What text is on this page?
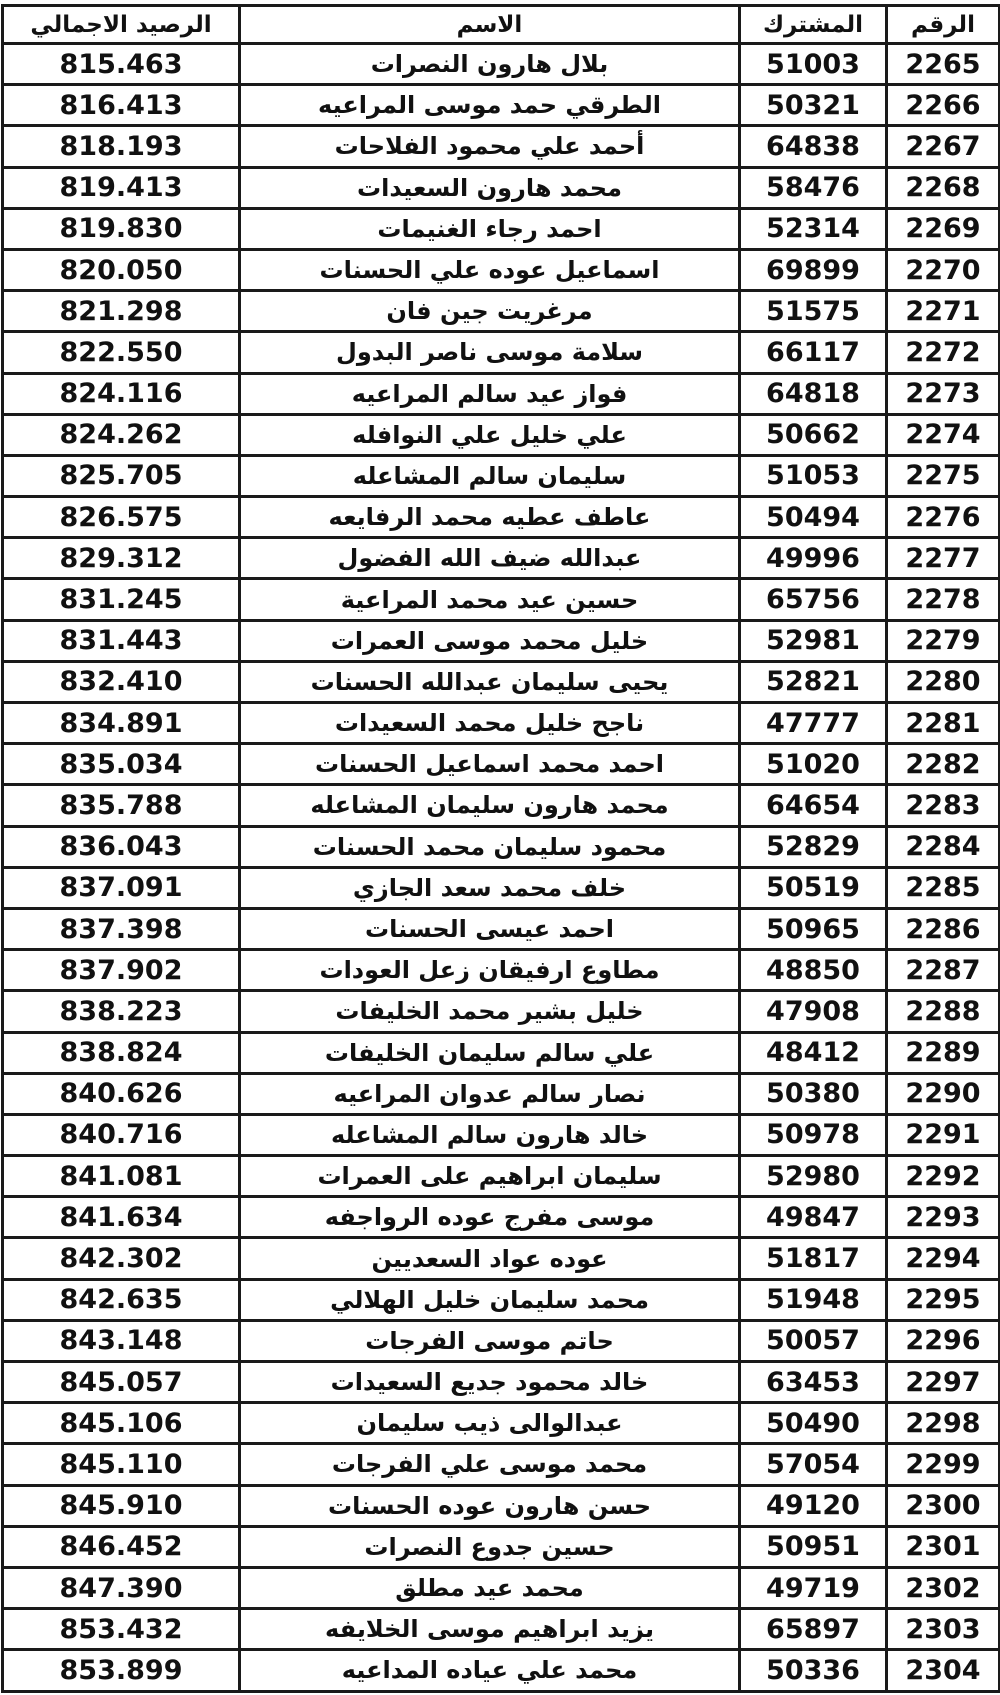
الرقم	المشترك	الاسم	الرصيد الاجمالي
2265	51003	بلال هارون النصرات	815.463
2266	50321	الطرقي حمد موسى المراعيه	816.413
2267	64838	أحمد علي محمود الفلاحات	818.193
2268	58476	محمد هارون السعيدات	819.413
2269	52314	احمد رجاء الغنيمات	819.830
2270	69899	اسماعيل عوده علي الحسنات	820.050
2271	51575	مرغريت جين فان	821.298
2272	66117	سلامة موسى ناصر البدول	822.550
2273	64818	فواز عيد سالم المراعيه	824.116
2274	50662	علي خليل علي النوافله	824.262
2275	51053	سليمان سالم المشاعله	825.705
2276	50494	عاطف عطيه محمد الرفايعه	826.575
2277	49996	عبدالله ضيف الله الفضول	829.312
2278	65756	حسين عيد محمد المراعية	831.245
2279	52981	خليل محمد موسى العمرات	831.443
2280	52821	يحيى سليمان عبدالله الحسنات	832.410
2281	47777	ناجح خليل محمد السعيدات	834.891
2282	51020	احمد محمد اسماعيل الحسنات	835.034
2283	64654	محمد هارون سليمان المشاعله	835.788
2284	52829	محمود سليمان محمد الحسنات	836.043
2285	50519	خلف محمد سعد الجازي	837.091
2286	50965	احمد عيسى الحسنات	837.398
2287	48850	مطاوع ارفيقان زعل العودات	837.902
2288	47908	خليل بشير محمد الخليفات	838.223
2289	48412	علي سالم سليمان الخليفات	838.824
2290	50380	نصار سالم عدوان المراعيه	840.626
2291	50978	خالد هارون سالم المشاعله	840.716
2292	52980	سليمان ابراهيم على العمرات	841.081
2293	49847	موسى مفرج عوده الرواجفه	841.634
2294	51817	عوده عواد السعديين	842.302
2295	51948	محمد سليمان خليل الهلالي	842.635
2296	50057	حاتم موسى الفرجات	843.148
2297	63453	خالد محمود جديع السعيدات	845.057
2298	50490	عبدالوالى ذيب سليمان	845.106
2299	57054	محمد موسى علي الفرجات	845.110
2300	49120	حسن هارون عوده الحسنات	845.910
2301	50951	حسين جدوع النصرات	846.452
2302	49719	محمد عيد مطلق	847.390
2303	65897	يزيد ابراهيم موسى الخلايفه	853.432
2304	50336	محمد علي عياده المداعيه	853.899
